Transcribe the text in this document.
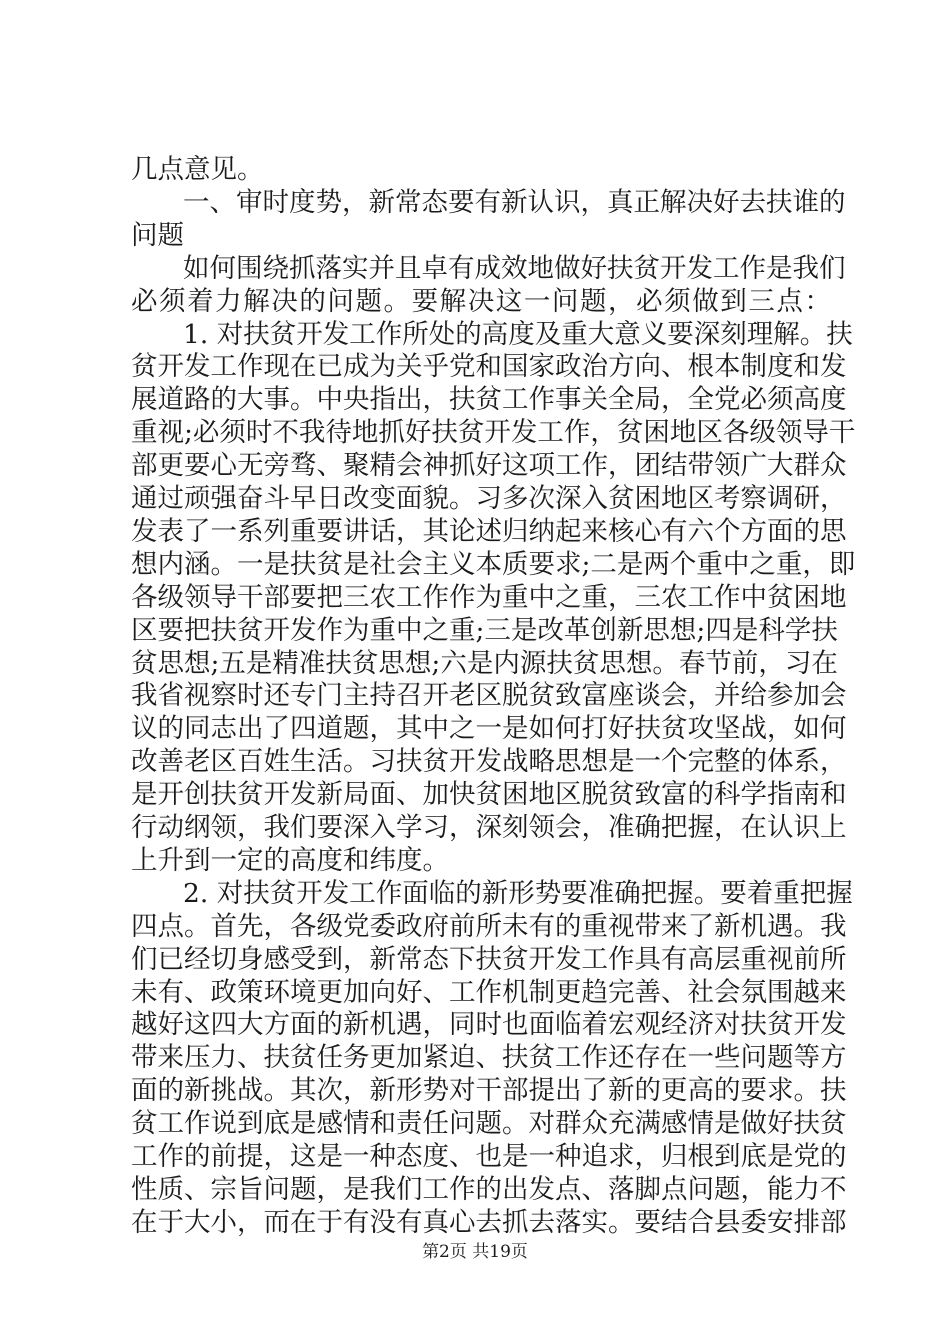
几点意见。
一、审时度势，新常态要有新认识，真正解决好去扶谁的
问题
如何围绕抓落实并且卓有成效地做好扶贫开发工作是我们
必须着力解决的问题。要解决这一问题，必须做到三点：
1. 对扶贫开发工作所处的高度及重大意义要深刻理解。扶
贫开发工作现在已成为关乎党和国家政治方向、根本制度和发
展道路的大事。中央指出，扶贫工作事关全局，全党必须高度
重视;必须时不我待地抓好扶贫开发工作，贫困地区各级领导干
部更要心无旁骛、聚精会神抓好这项工作，团结带领广大群众
通过顽强奋斗早日改变面貌。习多次深入贫困地区考察调研，
发表了一系列重要讲话，其论述归纳起来核心有六个方面的思
想内涵。一是扶贫是社会主义本质要求;二是两个重中之重，即
各级领导干部要把三农工作作为重中之重，三农工作中贫困地
区要把扶贫开发作为重中之重;三是改革创新思想;四是科学扶
贫思想;五是精准扶贫思想;六是内源扶贫思想。春节前，习在
我省视察时还专门主持召开老区脱贫致富座谈会，并给参加会
议的同志出了四道题，其中之一是如何打好扶贫攻坚战，如何
改善老区百姓生活。习扶贫开发战略思想是一个完整的体系，
是开创扶贫开发新局面、加快贫困地区脱贫致富的科学指南和
行动纲领，我们要深入学习，深刻领会，准确把握，在认识上
上升到一定的高度和纬度。
2. 对扶贫开发工作面临的新形势要准确把握。要着重把握
四点。首先，各级党委政府前所未有的重视带来了新机遇。我
们已经切身感受到，新常态下扶贫开发工作具有高层重视前所
未有、政策环境更加向好、工作机制更趋完善、社会氛围越来
越好这四大方面的新机遇，同时也面临着宏观经济对扶贫开发
带来压力、扶贫任务更加紧迫、扶贫工作还存在一些问题等方
面的新挑战。其次，新形势对干部提出了新的更高的要求。扶
贫工作说到底是感情和责任问题。对群众充满感情是做好扶贫
工作的前提，这是一种态度、也是一种追求，归根到底是党的
性质、宗旨问题，是我们工作的出发点、落脚点问题，能力不
在于大小，而在于有没有真心去抓去落实。要结合县委安排部
第2页 共19页
